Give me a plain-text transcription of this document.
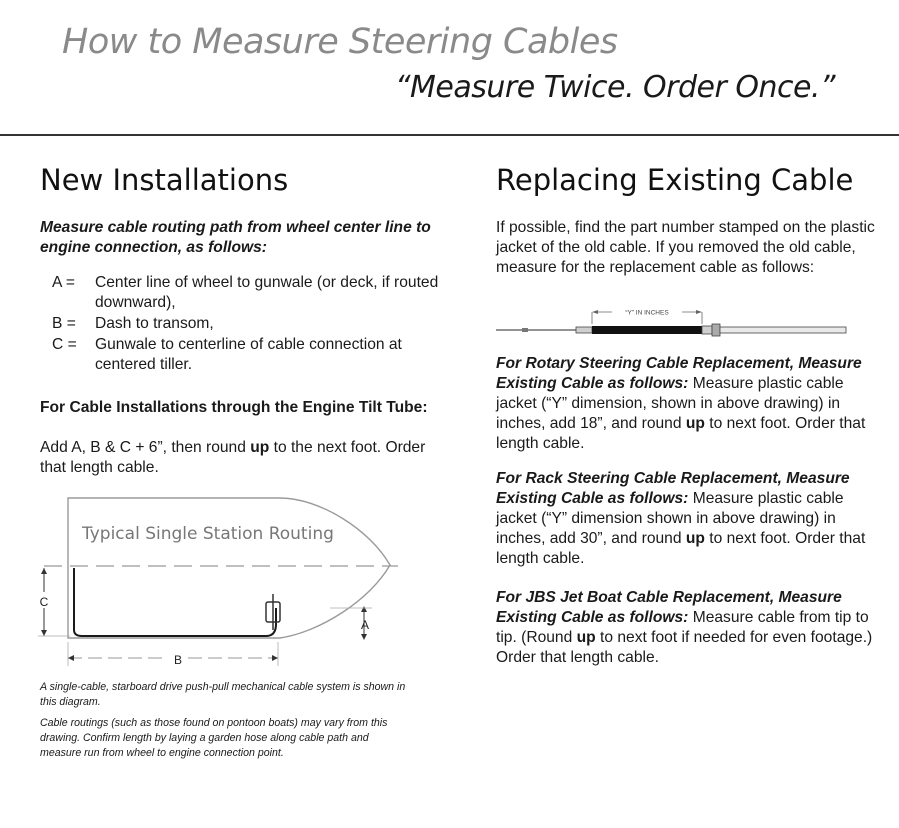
How to Measure Steering Cables
“Measure Twice. Order Once.”
New Installations
Measure cable routing path from wheel center line to engine connection, as follows:
A =	Center line of wheel to gunwale (or deck, if routed downward),
B =	Dash to transom,
C =	Gunwale to centerline of cable connection at centered tiller.
For Cable Installations through the Engine Tilt Tube:
Add A, B & C + 6”, then round up to the next foot. Order that length cable.
B
A
C
Typical Single Station Routing
A single-cable, starboard drive push-pull mechanical cable system is shown in this diagram.
Cable routings (such as those found on pontoon boats) may vary from this drawing. Confirm length by laying a garden hose along cable path and measure run from wheel to engine connection point.
Replacing Existing Cable
If possible, find the part number stamped on the plastic jacket of the old cable. If you removed the old cable, measure for the replacement cable as follows:
“Y” IN INCHES
For Rotary Steering Cable Replacement, Measure Existing Cable as follows: Measure plastic cable jacket (“Y” dimension, shown in above drawing) in inches, add 18”, and round up to next foot. Order that length cable.
For Rack Steering Cable Replacement, Measure Existing Cable as follows: Measure plastic cable jacket (“Y” dimension shown in above drawing) in inches, add 30”, and round up to next foot. Order that length cable.
For JBS Jet Boat Cable Replacement, Measure Existing Cable as follows: Measure cable from tip to tip. (Round up to next foot if needed for even footage.) Order that length cable.
